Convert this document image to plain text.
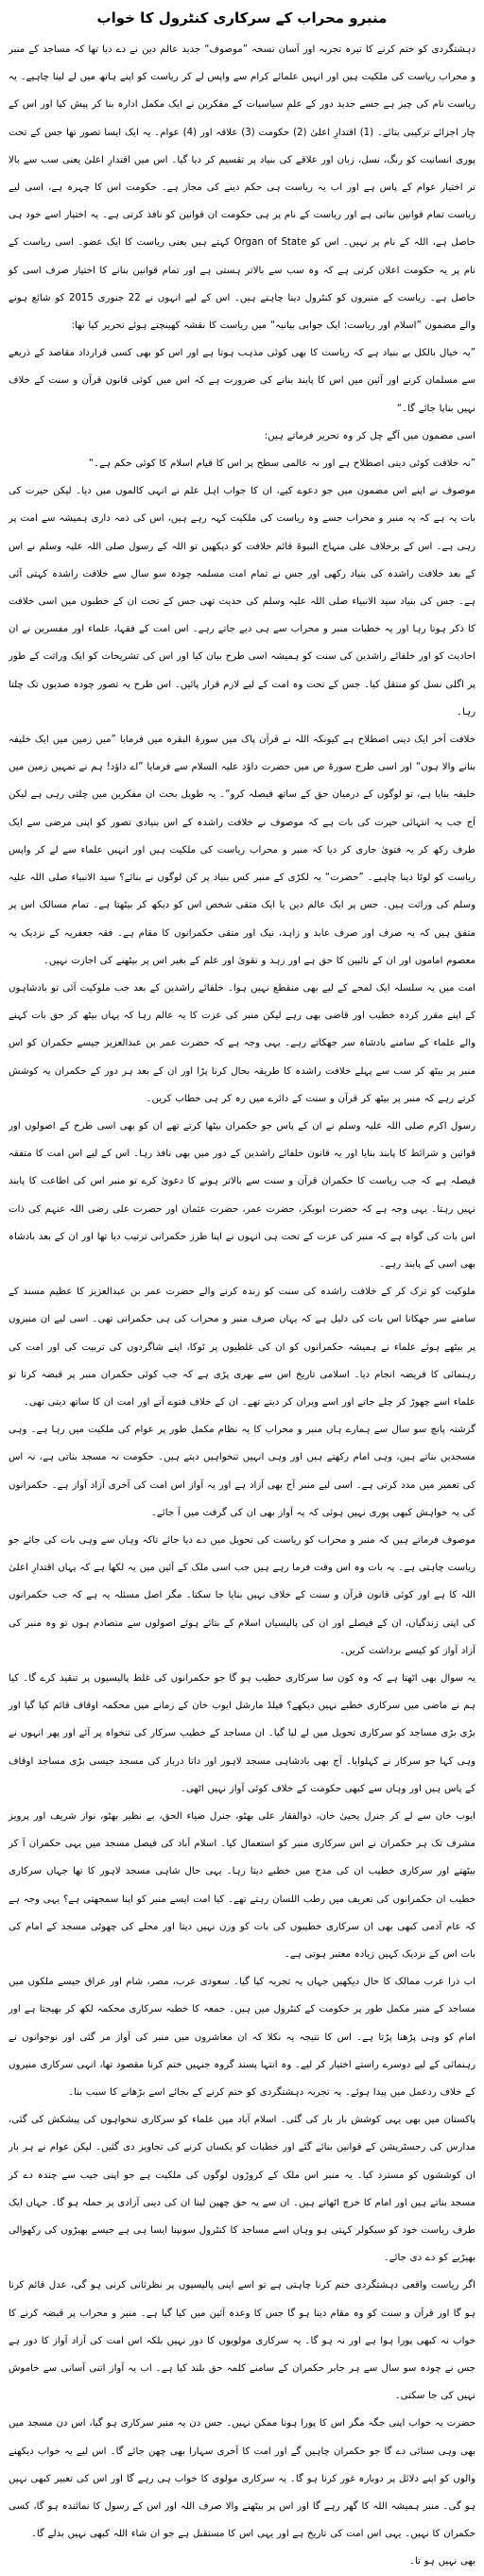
منبرو محراب کے سرکاری کنٹرول کا خواب

دہشتگردی کو ختم کرنے کا تیرہ تجربہ اور آسان نسخہ ”موصوف“ جدید عالم دین نے دے دیا تھا کہ مساجد کے منبر و محراب ریاست کی ملکیت ہیں اور انہیں علمائے کرام سے واپس لے کر ریاست کو اپنے ہاتھ میں لے لینا چاہیے۔ یہ ریاست نام کی چیز ہے جسے جدید دور کے علمِ سیاسیات کے مفکرین نے ایک مکمل ادارہ بنا کر پیش کیا اور اس کے چار اجزائے ترکیبی بتائے۔ (1) اقتدارِ اعلیٰ (2) حکومت (3) علاقہ اور (4) عوام۔ یہ ایک ایسا تصور تھا جس کے تحت پوری انسانیت کو رنگ، نسل، زبان اور علاقے کی بنیاد پر تقسیم کر دیا گیا۔ اس میں اقتدارِ اعلیٰ یعنی سب سے بالا تر اختیار عوام کے پاس ہے اور اب یہ ریاست ہی حکم دینے کی مجاز ہے۔ حکومت اس کا چہرہ ہے، اسی لیے ریاست تمام قوانین بناتی ہے اور ریاست کے نام پر ہی حکومت ان قوانین کو نافذ کرتی ہے۔ یہ اختیار اسے خود ہی حاصل ہے، اللہ کے نام پر نہیں۔ اس کو Organ of State کہتے ہیں یعنی ریاست کا ایک عضو۔ اسی ریاست کے نام پر یہ حکومت اعلان کرتی ہے کہ وہ سب سے بالاتر ہستی ہے اور تمام قوانین بنانے کا اختیار صرف اسی کو حاصل ہے۔ ریاست کے منبروں کو کنٹرول دینا چاہتے ہیں۔ اس کے لیے انہوں نے 22 جنوری 2015 کو شائع ہونے والے مضمون ”اسلام اور ریاست: ایک جوابی بیانیہ“ میں ریاست کا نقشہ کھینچتے ہوئے تحریر کیا تھا:

”یہ خیال بالکل بے بنیاد ہے کہ ریاست کا بھی کوئی مذہب ہوتا ہے اور اس کو بھی کسی قرارداد مقاصد کے ذریعے سے مسلمان کرنے اور آئین میں اس کا پابند بنانے کی ضرورت ہے کہ اس میں کوئی قانون قرآن و سنت کے خلاف نہیں بنایا جائے گا۔“

اسی مضمون میں آگے چل کر وہ تحریر فرماتے ہیں:

”نہ خلافت کوئی دینی اصطلاح ہے اور نہ عالمی سطح پر اس کا قیام اسلام کا کوئی حکم ہے۔“

موصوف نے اپنے اس مضمون میں جو دعوے کیے، ان کا جواب اہل علم نے انہی کالموں میں دیا۔ لیکن حیرت کی بات یہ ہے کہ یہ منبر و محراب جسے وہ ریاست کی ملکیت کہہ رہے ہیں، اس کی ذمہ داری ہمیشہ سے امت پر رہی ہے۔ اس کے برخلاف علی منہاج النبوۃ قائم خلافت کو دیکھیں تو اللہ کے رسول صلی اللہ علیہ وسلم نے اس کے بعد خلافت راشدہ کی بنیاد رکھی اور جس نے تمام امت مسلمہ چودہ سو سال سے خلافت راشدہ کہتی آئی ہے۔ جس کی بنیاد سید الانبیاء صلی اللہ علیہ وسلم کی حدیث تھی جس کے تحت ان کے خطبوں میں اسی خلافت کا ذکر ہوتا رہا اور یہ خطبات منبر و محراب سے ہی دیے جاتے رہے۔ اس امت کے فقہا، علماء اور مفسرین نے ان احادیث کو اور خلفائے راشدین کی سنت کو ہمیشہ اسی طرح بیان کیا اور اس کی تشریحات کو ایک وراثت کے طور پر اگلی نسل کو منتقل کیا۔ جس کے تحت وہ امت کے لیے لازم قرار پائیں۔ اس طرح یہ تصور چودہ صدیوں تک چلتا رہا۔

خلافت آخر ایک دینی اصطلاح ہے کیونکہ اللہ نے قرآن پاک میں سورۃ البقرہ میں فرمایا ”میں زمین میں ایک خلیفہ بنانے والا ہوں“ اور اسی طرح سورۃ ص میں حضرت داؤد علیہ السلام سے فرمایا ”اے داؤد! ہم نے تمہیں زمین میں خلیفہ بنایا ہے، تو لوگوں کے درمیان حق کے ساتھ فیصلہ کرو“۔ یہ طویل بحث ان مفکرین میں چلتی رہی ہے لیکن آج جب یہ انتہائی حیرت کی بات ہے کہ موصوف نے خلافت راشدہ کے اس بنیادی تصور کو اپنی مرضی سے ایک طرف رکھ کر یہ فتویٰ جاری کر دیا کہ منبر و محراب ریاست کی ملکیت ہیں اور انہیں علماء سے لے کر واپس ریاست کو لوٹا دینا چاہیے۔ ”حضرت“ یہ لکڑی کے منبر کس بنیاد پر کن لوگوں نے بنائے؟ سید الانبیاء صلی اللہ علیہ وسلم کی وراثت ہیں۔ جس پر ایک عالم دین یا ایک متقی شخص اس کو دیکھ کر بیٹھتا ہے۔ تمام مسالک اس پر متفق ہیں کہ یہ صرف اور صرف عابد و زاہد، نیک اور متقی حکمرانوں کا مقام ہے۔ فقہ جعفریہ کے نزدیک یہ معصوم اماموں اور ان کے نائبین کا حق ہے اور زہد و تقویٰ اور علم کے بغیر اس پر بیٹھنے کی اجازت نہیں۔

امت میں یہ سلسلہ ایک لمحے کے لیے بھی منقطع نہیں ہوا۔ خلفائے راشدین کے بعد جب ملوکیت آئی تو بادشاہوں کے اپنے مقرر کردہ خطیب اور قاضی بھی رہے لیکن منبر کی عزت کا یہ عالم رہا کہ یہاں بیٹھ کر حق بات کہنے والے علماء کے سامنے بادشاہ سر جھکاتے رہے۔ یہی وجہ ہے کہ حضرت عمر بن عبدالعزیز جیسے حکمران کو اس منبر پر بیٹھ کر سب سے پہلے خلافت راشدہ کا طریقہ بحال کرنا پڑا اور ان کے بعد ہر دور کے حکمران یہ کوشش کرتے رہے کہ منبر پر بیٹھ کر قرآن و سنت کے دائرے میں رہ کر ہی خطاب کریں۔

رسول اکرم صلی اللہ علیہ وسلم نے ان کے پاس جو حکمران بیٹھا کرتے تھے ان کو بھی اسی طرح کے اصولوں اور قوانین و شرائط کا پابند بنایا اور یہ قانون خلفائے راشدین کے دور میں بھی نافذ رہا۔ اس کے لیے اس امت کا متفقہ فیصلہ ہے کہ جب ریاست کا حکمران قرآن و سنت سے بالاتر ہونے کا دعویٰ کرے تو منبر اس کی اطاعت کا پابند نہیں رہتا۔ یہی وجہ ہے کہ حضرت ابوبکر، حضرت عمر، حضرت عثمان اور حضرت علی رضی اللہ عنہم کی ذات اس بات کی گواہ ہے کہ منبر کی عزت کے تحت ہی انہوں نے اپنا طرز حکمرانی ترتیب دیا تھا اور ان کے بعد بادشاہ بھی اسی کے پابند رہے۔

ملوکیت کو ترک کر کے خلافت راشدہ کی سنت کو زندہ کرنے والے حضرت عمر بن عبدالعزیز کا عظیم مسند کے سامنے سر جھکانا اس بات کی دلیل ہے کہ یہاں صرف منبر و محراب کی ہی حکمرانی تھی۔ اسی لیے ان منبروں پر بیٹھے ہوئے علماء نے ہمیشہ حکمرانوں کو ان کی غلطیوں پر ٹوکا، اپنے شاگردوں کی تربیت کی اور امت کی رہنمائی کا فریضہ انجام دیا۔ اسلامی تاریخ اس سے بھری پڑی ہے کہ جب کوئی حکمران منبر پر قبضہ کرتا تو علماء اسے چھوڑ کر چلے جاتے اور اسے ویران کر دیتے تھے۔ ان کے خلاف فتوے آتے اور امت ان کا ساتھ دیتی تھی۔

گزشتہ پانچ سو سال سے ہمارے ہاں منبر و محراب کا یہ نظام مکمل طور پر عوام کی ملکیت میں رہا ہے۔ وہی مسجدیں بناتے ہیں، وہی امام رکھتے ہیں اور وہی انہیں تنخواہیں دیتے ہیں۔ حکومت نہ مسجد بناتی ہے، نہ اس کی تعمیر میں مدد کرتی ہے۔ اسی لیے منبر آج بھی آزاد ہے اور یہ آواز اس امت کی آخری آزاد آواز ہے۔ حکمرانوں کی یہ خواہش کبھی پوری نہیں ہوئی کہ یہ آواز بھی ان کی گرفت میں آ جائے۔

موصوف فرماتے ہیں کہ منبر و محراب کو ریاست کی تحویل میں دے دیا جائے تاکہ وہاں سے وہی بات کی جائے جو ریاست چاہتی ہے۔ یہ بات وہ اس وقت فرما رہے ہیں جب اسی ملک کے آئین میں یہ لکھا ہے کہ یہاں اقتدارِ اعلیٰ اللہ کا ہے اور کوئی قانون قرآن و سنت کے خلاف نہیں بنایا جا سکتا۔ مگر اصل مسئلہ یہ ہے کہ جب حکمرانوں کی اپنی زندگیاں، ان کے فیصلے اور ان کی پالیسیاں اسلام کے بتائے ہوئے اصولوں سے متصادم ہوں تو وہ منبر کی آزاد آواز کو کیسے برداشت کریں۔

یہ سوال بھی اٹھتا ہے کہ وہ کون سا سرکاری خطیب ہو گا جو حکمرانوں کی غلط پالیسیوں پر تنقید کرے گا۔ کیا ہم نے ماضی میں سرکاری خطبے نہیں دیکھے؟ فیلڈ مارشل ایوب خان کے زمانے میں محکمہ اوقاف قائم کیا گیا اور بڑی بڑی مساجد کو سرکاری تحویل میں لے لیا گیا۔ ان مساجد کے خطیب سرکار کی تنخواہ پر آئے اور پھر انہوں نے وہی کہا جو سرکار نے کہلوایا۔ آج بھی بادشاہی مسجد لاہور اور داتا دربار کی مسجد جیسی بڑی مساجد اوقاف کے پاس ہیں اور وہاں سے کبھی حکومت کے خلاف کوئی آواز نہیں اٹھی۔

ایوب خان سے لے کر جنرل یحییٰ خان، ذوالفقار علی بھٹو، جنرل ضیاء الحق، بے نظیر بھٹو، نواز شریف اور پرویز مشرف تک ہر حکمران نے اس سرکاری منبر کو استعمال کیا۔ اسلام آباد کی فیصل مسجد میں یہی حکمران آ کر بیٹھتے اور سرکاری خطیب ان کی مدح میں خطبے دیتا رہا۔ یہی حال شاہی مسجد لاہور کا تھا جہاں سرکاری خطیب ان حکمرانوں کی تعریف میں رطب اللسان رہتے تھے۔ کیا امت ایسے منبر کو اپنا سمجھتی ہے؟ یہی وجہ ہے کہ عام آدمی کبھی بھی ان سرکاری خطیبوں کی بات کو وزن نہیں دیتا اور محلے کی چھوٹی مسجد کے امام کی بات اس کے نزدیک کہیں زیادہ معتبر ہوتی ہے۔

اب ذرا عرب ممالک کا حال دیکھیں جہاں یہ تجربہ کیا گیا۔ سعودی عرب، مصر، شام اور عراق جیسے ملکوں میں مساجد کے منبر مکمل طور پر حکومت کے کنٹرول میں ہیں۔ جمعہ کا خطبہ سرکاری محکمہ لکھ کر بھیجتا ہے اور امام کو وہی پڑھنا پڑتا ہے۔ اس کا نتیجہ یہ نکلا کہ ان معاشروں میں منبر کی آواز مر گئی اور نوجوانوں نے رہنمائی کے لیے دوسرے راستے اختیار کر لیے۔ وہ انتہا پسند گروہ جنہیں ختم کرنا مقصود تھا، انہی سرکاری منبروں کے خلاف ردعمل میں پیدا ہوئے۔ یہ تجربہ دہشتگردی کو ختم کرنے کے بجائے اسے بڑھانے کا سبب بنا۔

پاکستان میں بھی یہی کوشش بار بار کی گئی۔ اسلام آباد میں علماء کو سرکاری تنخواہوں کی پیشکش کی گئی، مدارس کی رجسٹریشن کے قوانین بنائے گئے اور خطبات کو یکساں کرنے کی تجاویز دی گئیں۔ لیکن عوام نے ہر بار ان کوششوں کو مسترد کیا۔ یہ منبر اس ملک کے کروڑوں لوگوں کی ملکیت ہے جو اپنی جیب سے چندہ دے کر مسجد بناتے ہیں اور امام کا خرچ اٹھاتے ہیں۔ ان سے یہ حق چھین لینا ان کی دینی آزادی پر حملہ ہو گا۔ جہاں ایک طرف ریاست خود کو سیکولر کہتی ہو وہاں اسے مساجد کا کنٹرول سونپنا ایسا ہی ہے جیسے بھیڑوں کی رکھوالی بھیڑیے کو دے دی جائے۔

اگر ریاست واقعی دہشتگردی ختم کرنا چاہتی ہے تو اسے اپنی پالیسیوں پر نظرثانی کرنی ہو گی، عدل قائم کرنا ہو گا اور قرآن و سنت کو وہ مقام دینا ہو گا جس کا وعدہ آئین میں کیا گیا ہے۔ منبر و محراب پر قبضہ کرنے کا خواب نہ کبھی پورا ہوا ہے اور نہ ہو گا۔ یہ سرکاری مولویوں کا دور نہیں بلکہ اس امت کی آزاد آواز کا دور ہے جس نے چودہ سو سال سے ہر جابر حکمران کے سامنے کلمہ حق بلند کیا ہے۔ اب یہ آواز اتنی آسانی سے خاموش نہیں کی جا سکتی۔

حضرت یہ خواب اپنی جگہ مگر اس کا پورا ہونا ممکن نہیں۔ جس دن یہ منبر سرکاری ہو گیا، اس دن مسجد میں بھی وہی سنائی دے گا جو حکمران چاہیں گے اور امت کا آخری سہارا بھی چھن جائے گا۔ اس لیے یہ خواب دیکھنے والوں کو اپنے دلائل پر دوبارہ غور کرنا ہو گا۔ یہ سرکاری مولوی کا خواب ہی رہے گا اور اس کی تعبیر کبھی نہیں ہو گی۔ منبر ہمیشہ اللہ کا گھر رہے گا اور اس پر بیٹھنے والا صرف اللہ اور اس کے رسول کا نمائندہ ہو گا، کسی حکمران کا نہیں۔ یہی اس امت کی تاریخ ہے اور یہی اس کا مستقبل ہے جو ان شاء اللہ کبھی نہیں بدلے گا۔

بھی نہیں ہو تا۔
